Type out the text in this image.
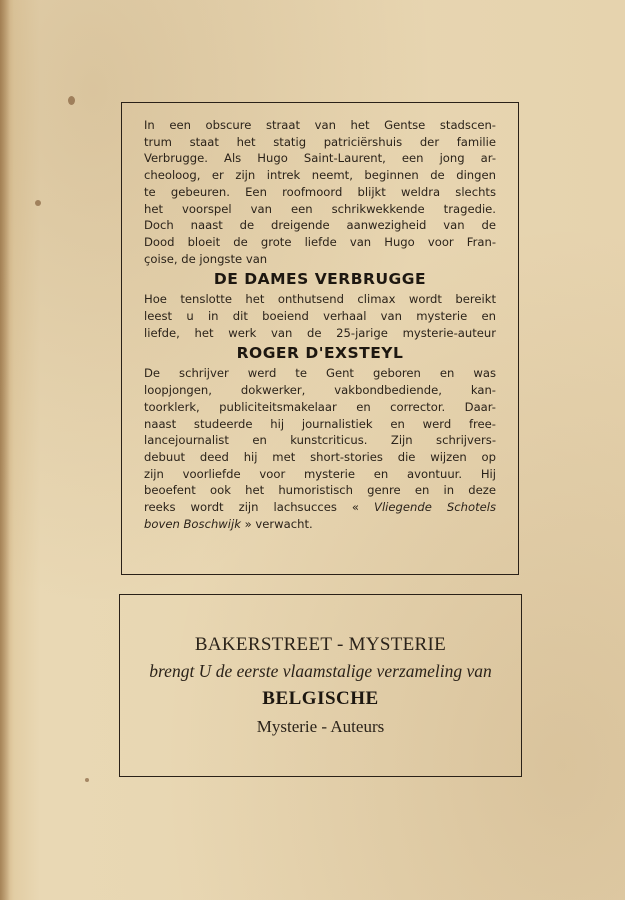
In een obscure straat van het Gentse stadscen-
trum staat het statig patriciërshuis der familie
Verbrugge. Als Hugo Saint-Laurent, een jong ar-
cheoloog, er zijn intrek neemt, beginnen de dingen
te gebeuren. Een roofmoord blijkt weldra slechts
het voorspel van een schrikwekkende tragedie.
Doch naast de dreigende aanwezigheid van de
Dood bloeit de grote liefde van Hugo voor Fran-
çoise, de jongste van

DE DAMES VERBRUGGE

Hoe tenslotte het onthutsend climax wordt bereikt
leest u in dit boeiend verhaal van mysterie en
liefde, het werk van de 25-jarige mysterie-auteur

ROGER D'EXSTEYL

De schrijver werd te Gent geboren en was
loopjongen, dokwerker, vakbondbediende, kan-
toorklerk, publiciteitsmakelaar en corrector. Daar-
naast studeerde hij journalistiek en werd free-
lancejournalist en kunstcriticus. Zijn schrijvers-
debuut deed hij met short-stories die wijzen op
zijn voorliefde voor mysterie en avontuur. Hij
beoefent ook het humoristisch genre en in deze
reeks wordt zijn lachsucces « Vliegende Schotels
boven Boschwijk » verwacht.

BAKERSTREET - MYSTERIE
brengt U de eerste vlaamstalige verzameling van
BELGISCHE
Mysterie - Auteurs
